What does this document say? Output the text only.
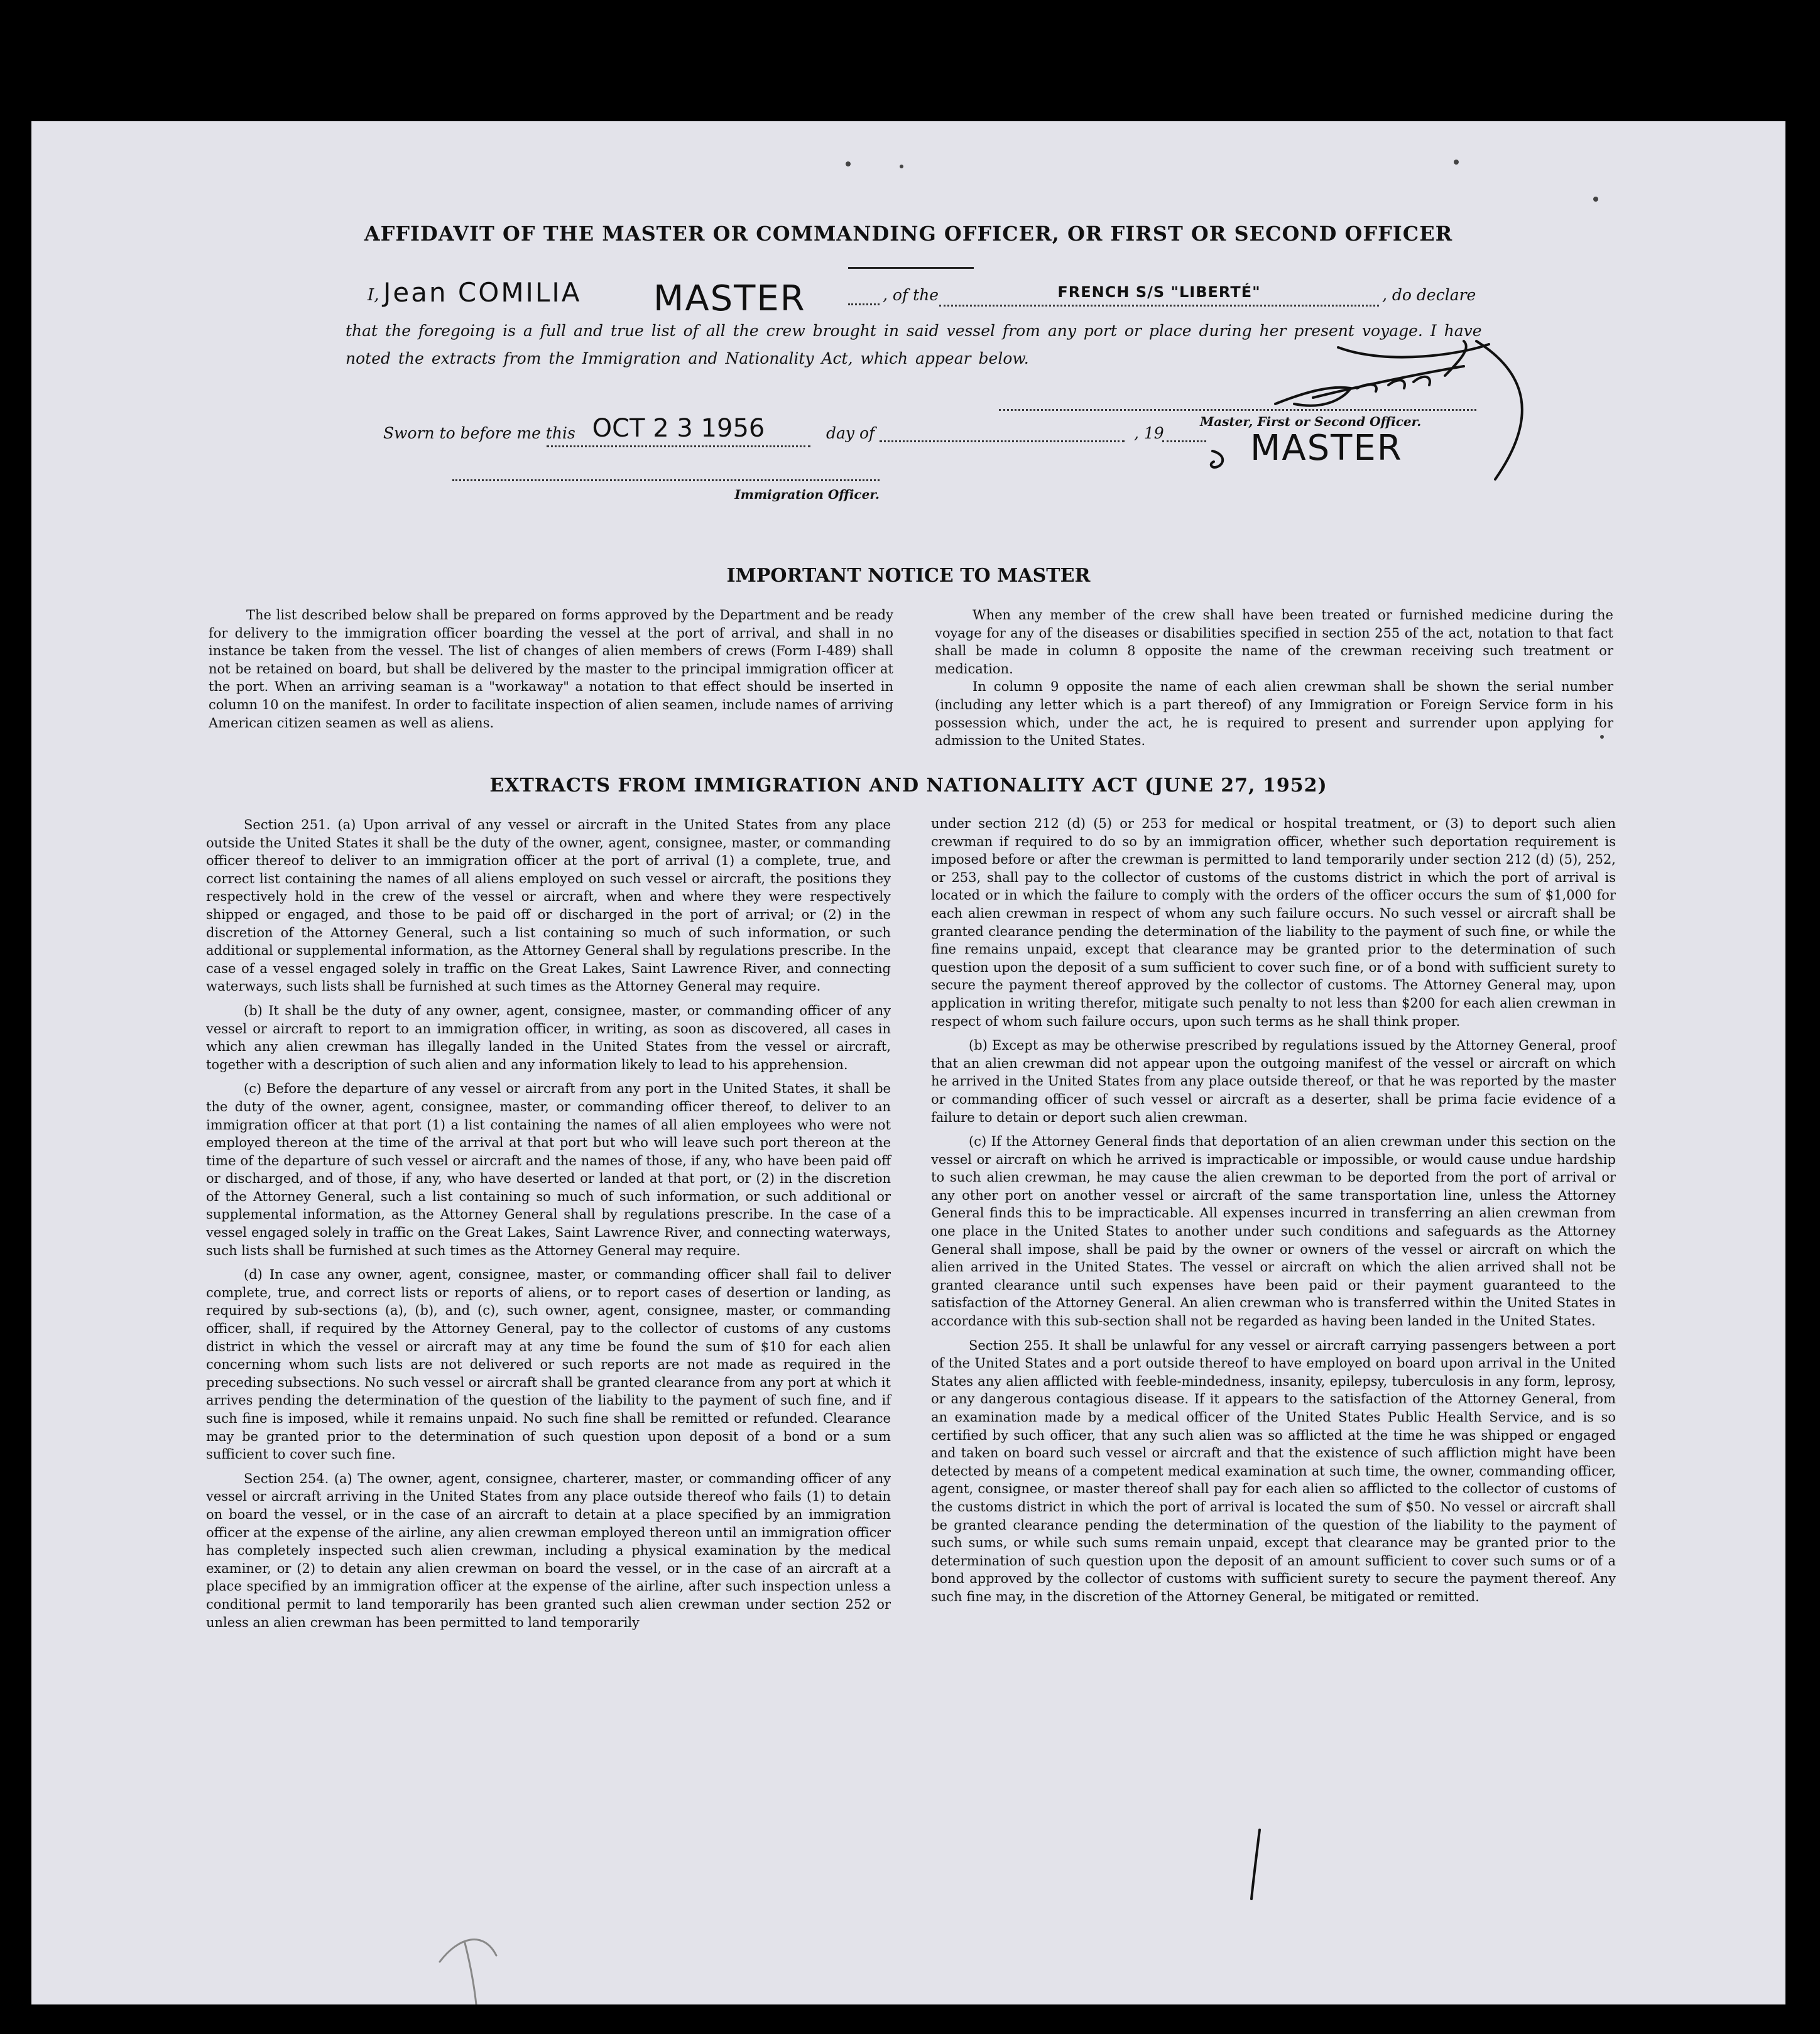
AFFIDAVIT OF THE MASTER OR COMMANDING OFFICER, OR FIRST OR SECOND OFFICER
I, Jean COMILIA MASTER	, of the	FRENCH S/S "LIBERTÉ"	, do declare
that the foregoing is a full and true list of all the crew brought in said vessel from any port or place during her present voyage. I have noted the extracts from the Immigration and Nationality Act, which appear below.
Sworn to before me this OCT 2 3 1956	day of	, 19
Immigration Officer.
Master, First or Second Officer.
MASTER
IMPORTANT NOTICE TO MASTER

The list described below shall be prepared on forms approved by the Department and be ready for delivery to the immigration officer boarding the vessel at the port of arrival, and shall in no instance be taken from the vessel. The list of changes of alien members of crews (Form I-489) shall not be retained on board, but shall be delivered by the master to the principal immigration officer at the port. When an arriving seaman is a "workaway" a notation to that effect should be inserted in column 10 on the manifest. In order to facilitate inspection of alien seamen, include names of arriving American citizen seamen as well as aliens.

When any member of the crew shall have been treated or furnished medicine during the voyage for any of the diseases or disabilities specified in section 255 of the act, notation to that fact shall be made in column 8 opposite the name of the crewman receiving such treatment or medication.

In column 9 opposite the name of each alien crewman shall be shown the serial number (including any letter which is a part thereof) of any Immigration or Foreign Service form in his possession which, under the act, he is required to present and surrender upon applying for admission to the United States.

EXTRACTS FROM IMMIGRATION AND NATIONALITY ACT (JUNE 27, 1952)

Section 251. (a) Upon arrival of any vessel or aircraft in the United States from any place outside the United States it shall be the duty of the owner, agent, consignee, master, or commanding officer thereof to deliver to an immigration officer at the port of arrival (1) a complete, true, and correct list containing the names of all aliens employed on such vessel or aircraft, the positions they respectively hold in the crew of the vessel or aircraft, when and where they were respectively shipped or engaged, and those to be paid off or discharged in the port of arrival; or (2) in the discretion of the Attorney General, such a list containing so much of such information, or such additional or supplemental information, as the Attorney General shall by regulations prescribe. In the case of a vessel engaged solely in traffic on the Great Lakes, Saint Lawrence River, and connecting waterways, such lists shall be furnished at such times as the Attorney General may require.

(b) It shall be the duty of any owner, agent, consignee, master, or commanding officer of any vessel or aircraft to report to an immigration officer, in writing, as soon as discovered, all cases in which any alien crewman has illegally landed in the United States from the vessel or aircraft, together with a description of such alien and any information likely to lead to his apprehension.

(c) Before the departure of any vessel or aircraft from any port in the United States, it shall be the duty of the owner, agent, consignee, master, or commanding officer thereof, to deliver to an immigration officer at that port (1) a list containing the names of all alien employees who were not employed thereon at the time of the arrival at that port but who will leave such port thereon at the time of the departure of such vessel or aircraft and the names of those, if any, who have been paid off or discharged, and of those, if any, who have deserted or landed at that port, or (2) in the discretion of the Attorney General, such a list containing so much of such information, or such additional or supplemental information, as the Attorney General shall by regulations prescribe. In the case of a vessel engaged solely in traffic on the Great Lakes, Saint Lawrence River, and connecting waterways, such lists shall be furnished at such times as the Attorney General may require.

(d) In case any owner, agent, consignee, master, or commanding officer shall fail to deliver complete, true, and correct lists or reports of aliens, or to report cases of desertion or landing, as required by sub-sections (a), (b), and (c), such owner, agent, consignee, master, or commanding officer, shall, if required by the Attorney General, pay to the collector of customs of any customs district in which the vessel or aircraft may at any time be found the sum of $10 for each alien concerning whom such lists are not delivered or such reports are not made as required in the preceding subsections. No such vessel or aircraft shall be granted clearance from any port at which it arrives pending the determination of the question of the liability to the payment of such fine, and if such fine is imposed, while it remains unpaid. No such fine shall be remitted or refunded. Clearance may be granted prior to the determination of such question upon deposit of a bond or a sum sufficient to cover such fine.

Section 254. (a) The owner, agent, consignee, charterer, master, or commanding officer of any vessel or aircraft arriving in the United States from any place outside thereof who fails (1) to detain on board the vessel, or in the case of an aircraft to detain at a place specified by an immigration officer at the expense of the airline, any alien crewman employed thereon until an immigration officer has completely inspected such alien crewman, including a physical examination by the medical examiner, or (2) to detain any alien crewman on board the vessel, or in the case of an aircraft at a place specified by an immigration officer at the expense of the airline, after such inspection unless a conditional permit to land temporarily has been granted such alien crewman under section 252 or unless an alien crewman has been permitted to land temporarily

under section 212 (d) (5) or 253 for medical or hospital treatment, or (3) to deport such alien crewman if required to do so by an immigration officer, whether such deportation requirement is imposed before or after the crewman is permitted to land temporarily under section 212 (d) (5), 252, or 253, shall pay to the collector of customs of the customs district in which the port of arrival is located or in which the failure to comply with the orders of the officer occurs the sum of $1,000 for each alien crewman in respect of whom any such failure occurs. No such vessel or aircraft shall be granted clearance pending the determination of the liability to the payment of such fine, or while the fine remains unpaid, except that clearance may be granted prior to the determination of such question upon the deposit of a sum sufficient to cover such fine, or of a bond with sufficient surety to secure the payment thereof approved by the collector of customs. The Attorney General may, upon application in writing therefor, mitigate such penalty to not less than $200 for each alien crewman in respect of whom such failure occurs, upon such terms as he shall think proper.

(b) Except as may be otherwise prescribed by regulations issued by the Attorney General, proof that an alien crewman did not appear upon the outgoing manifest of the vessel or aircraft on which he arrived in the United States from any place outside thereof, or that he was reported by the master or commanding officer of such vessel or aircraft as a deserter, shall be prima facie evidence of a failure to detain or deport such alien crewman.

(c) If the Attorney General finds that deportation of an alien crewman under this section on the vessel or aircraft on which he arrived is impracticable or impossible, or would cause undue hardship to such alien crewman, he may cause the alien crewman to be deported from the port of arrival or any other port on another vessel or aircraft of the same transportation line, unless the Attorney General finds this to be impracticable. All expenses incurred in transferring an alien crewman from one place in the United States to another under such conditions and safeguards as the Attorney General shall impose, shall be paid by the owner or owners of the vessel or aircraft on which the alien arrived in the United States. The vessel or aircraft on which the alien arrived shall not be granted clearance until such expenses have been paid or their payment guaranteed to the satisfaction of the Attorney General. An alien crewman who is transferred within the United States in accordance with this sub-section shall not be regarded as having been landed in the United States.

Section 255. It shall be unlawful for any vessel or aircraft carrying passengers between a port of the United States and a port outside thereof to have employed on board upon arrival in the United States any alien afflicted with feeble-mindedness, insanity, epilepsy, tuberculosis in any form, leprosy, or any dangerous contagious disease. If it appears to the satisfaction of the Attorney General, from an examination made by a medical officer of the United States Public Health Service, and is so certified by such officer, that any such alien was so afflicted at the time he was shipped or engaged and taken on board such vessel or aircraft and that the existence of such affliction might have been detected by means of a competent medical examination at such time, the owner, commanding officer, agent, consignee, or master thereof shall pay for each alien so afflicted to the collector of customs of the customs district in which the port of arrival is located the sum of $50. No vessel or aircraft shall be granted clearance pending the determination of the question of the liability to the payment of such sums, or while such sums remain unpaid, except that clearance may be granted prior to the determination of such question upon the deposit of an amount sufficient to cover such sums or of a bond approved by the collector of customs with sufficient surety to secure the payment thereof. Any such fine may, in the discretion of the Attorney General, be mitigated or remitted.
